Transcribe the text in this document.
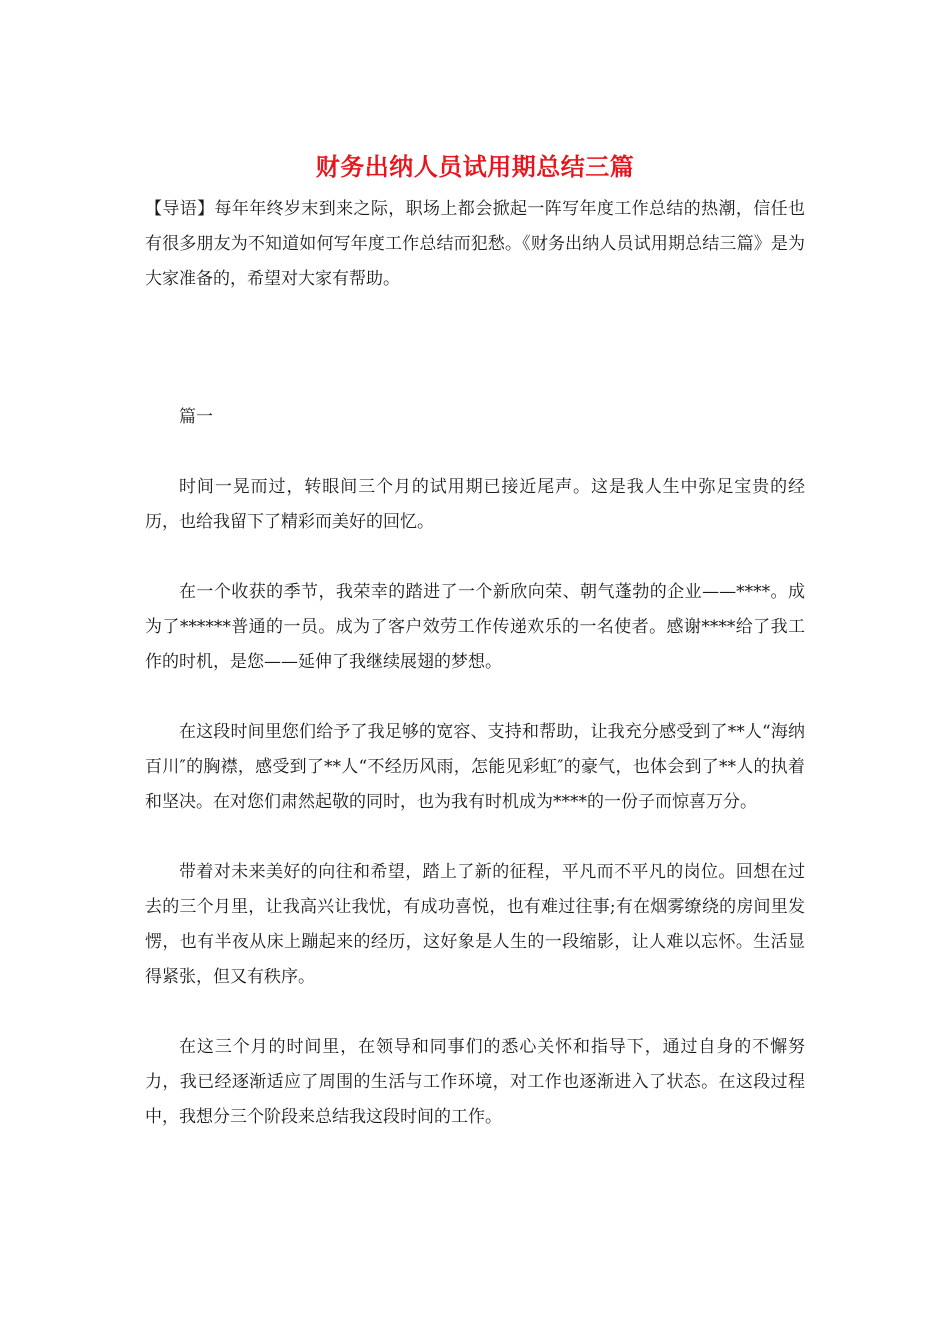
财务出纳人员试用期总结三篇

【导语】每年年终岁末到来之际，职场上都会掀起一阵写年度工作总结的热潮，信任也有很多朋友为不知道如何写年度工作总结而犯愁。《财务出纳人员试用期总结三篇》是为大家准备的，希望对大家有帮助。

篇一

时间一晃而过，转眼间三个月的试用期已接近尾声。这是我人生中弥足宝贵的经历，也给我留下了精彩而美好的回忆。

在一个收获的季节，我荣幸的踏进了一个新欣向荣、朝气蓬勃的企业——****。成为了******普通的一员。成为了客户效劳工作传递欢乐的一名使者。感谢****给了我工作的时机，是您——延伸了我继续展翅的梦想。

在这段时间里您们给予了我足够的宽容、支持和帮助，让我充分感受到了**人“海纳百川″的胸襟，感受到了**人“不经历风雨，怎能见彩虹″的豪气，也体会到了**人的执着和坚决。在对您们肃然起敬的同时，也为我有时机成为****的一份子而惊喜万分。

带着对未来美好的向往和希望，踏上了新的征程，平凡而不平凡的岗位。回想在过去的三个月里，让我高兴让我忧，有成功喜悦，也有难过往事;有在烟雾缭绕的房间里发愣，也有半夜从床上蹦起来的经历，这好象是人生的一段缩影，让人难以忘怀。生活显得紧张，但又有秩序。

在这三个月的时间里，在领导和同事们的悉心关怀和指导下，通过自身的不懈努力，我已经逐渐适应了周围的生活与工作环境，对工作也逐渐进入了状态。在这段过程中，我想分三个阶段来总结我这段时间的工作。
